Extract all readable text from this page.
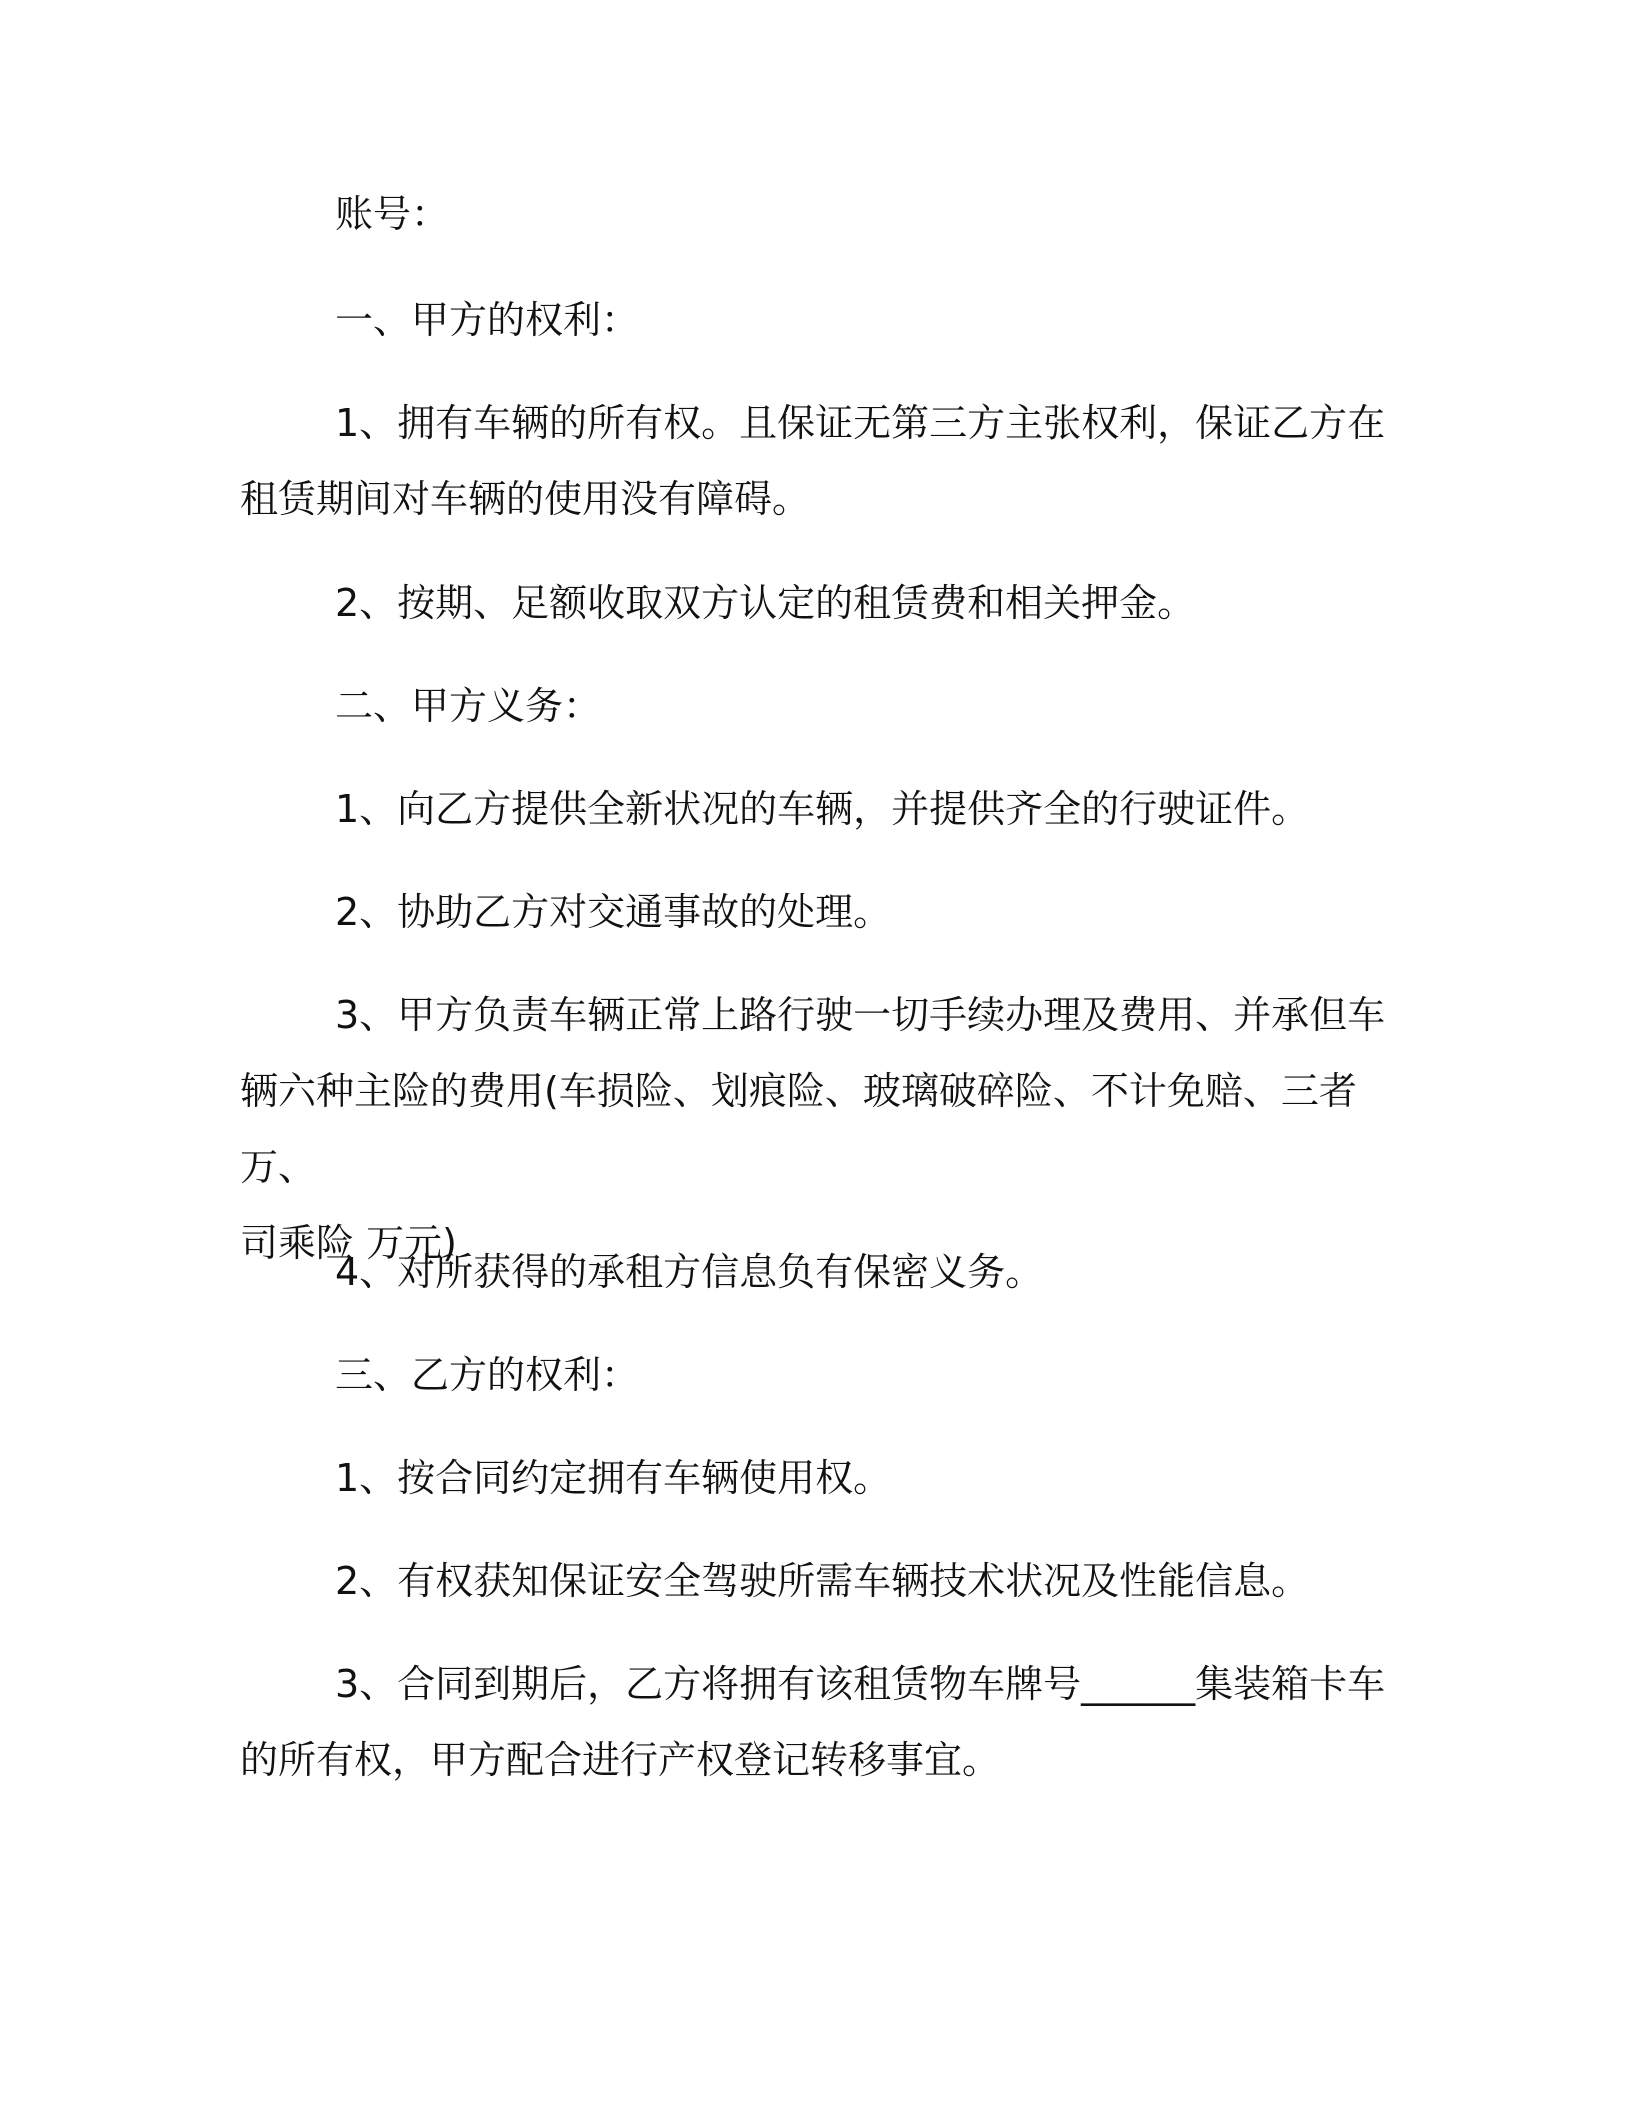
账号：

一、甲方的权利：

1、拥有车辆的所有权。且保证无第三方主张权利，保证乙方在
租赁期间对车辆的使用没有障碍。

2、按期、足额收取双方认定的租赁费和相关押金。

二、甲方义务：

1、向乙方提供全新状况的车辆，并提供齐全的行驶证件。

2、协助乙方对交通事故的处理。

3、甲方负责车辆正常上路行驶一切手续办理及费用、并承但车
辆六种主险的费用(车损险、划痕险、玻璃破碎险、不计免赔、三者 万、
司乘险 万元)

4、对所获得的承租方信息负有保密义务。

三、乙方的权利：

1、按合同约定拥有车辆使用权。

2、有权获知保证安全驾驶所需车辆技术状况及性能信息。

3、合同到期后，乙方将拥有该租赁物车牌号______集装箱卡车
的所有权，甲方配合进行产权登记转移事宜。
